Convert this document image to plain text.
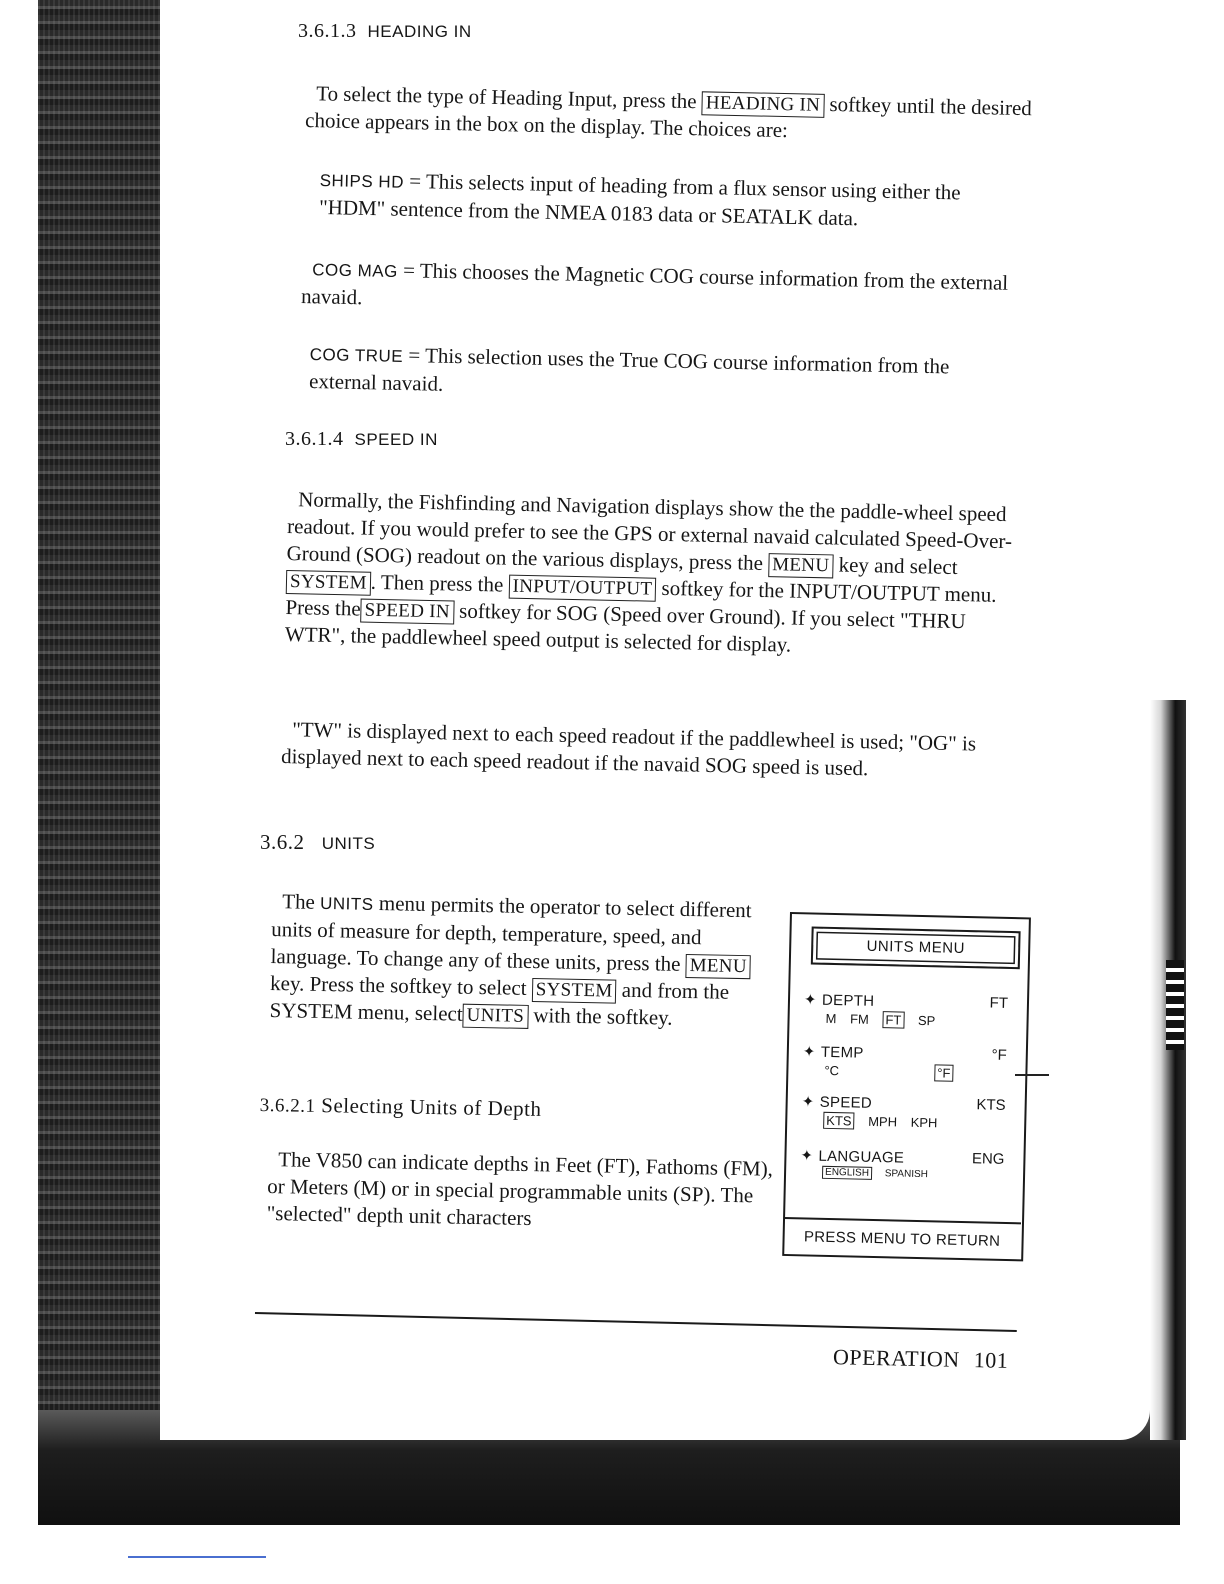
3.6.1.3 HEADING IN
To select the type of Heading Input, press the HEADING IN softkey until the desired choice appears in the box on the display. The choices are:
SHIPS HD = This selects input of heading from a flux sensor using either the "HDM" sentence from the NMEA 0183 data or SEATALK data.
COG MAG = This chooses the Magnetic COG course information from the external navaid.
COG TRUE = This selection uses the True COG course information from the external navaid.
3.6.1.4 SPEED IN
Normally, the Fishfinding and Navigation displays show the the paddle-wheel speed readout. If you would prefer to see the GPS or external navaid calculated Speed-Over-Ground (SOG) readout on the various displays, press the MENU key and selectSYSTEM . Then press the INPUT/OUTPUT softkey for the INPUT/OUTPUT menu. Press the SPEED IN softkey for SOG (Speed over Ground). If you select "THRU WTR", the paddlewheel speed output is selected for display.
"TW" is displayed next to each speed readout if the paddlewheel is used; "OG" is displayed next to each speed readout if the navaid SOG speed is used.
3.6.2 UNITS
The UNITS menu permits the operator to select different units of measure for depth, temperature, speed, and language. To change any of these units, press the MENU key. Press the softkey to select SYSTEM and from the SYSTEM menu, select UNITS with the softkey.
3.6.2.1 Selecting Units of Depth
The V850 can indicate depths in Feet (FT), Fathoms (FM), or Meters (M) or in special programmable units (SP). The "selected" depth unit characters
UNITS MENU
✦ DEPTH	FT
M FM FT SP
✦ TEMP	°F
°C	°F
✦ SPEED	KTS
KTS MPH KPH
✦ LANGUAGE	ENG
ENGLISH SPANISH
PRESS MENU TO RETURN
OPERATION 101
